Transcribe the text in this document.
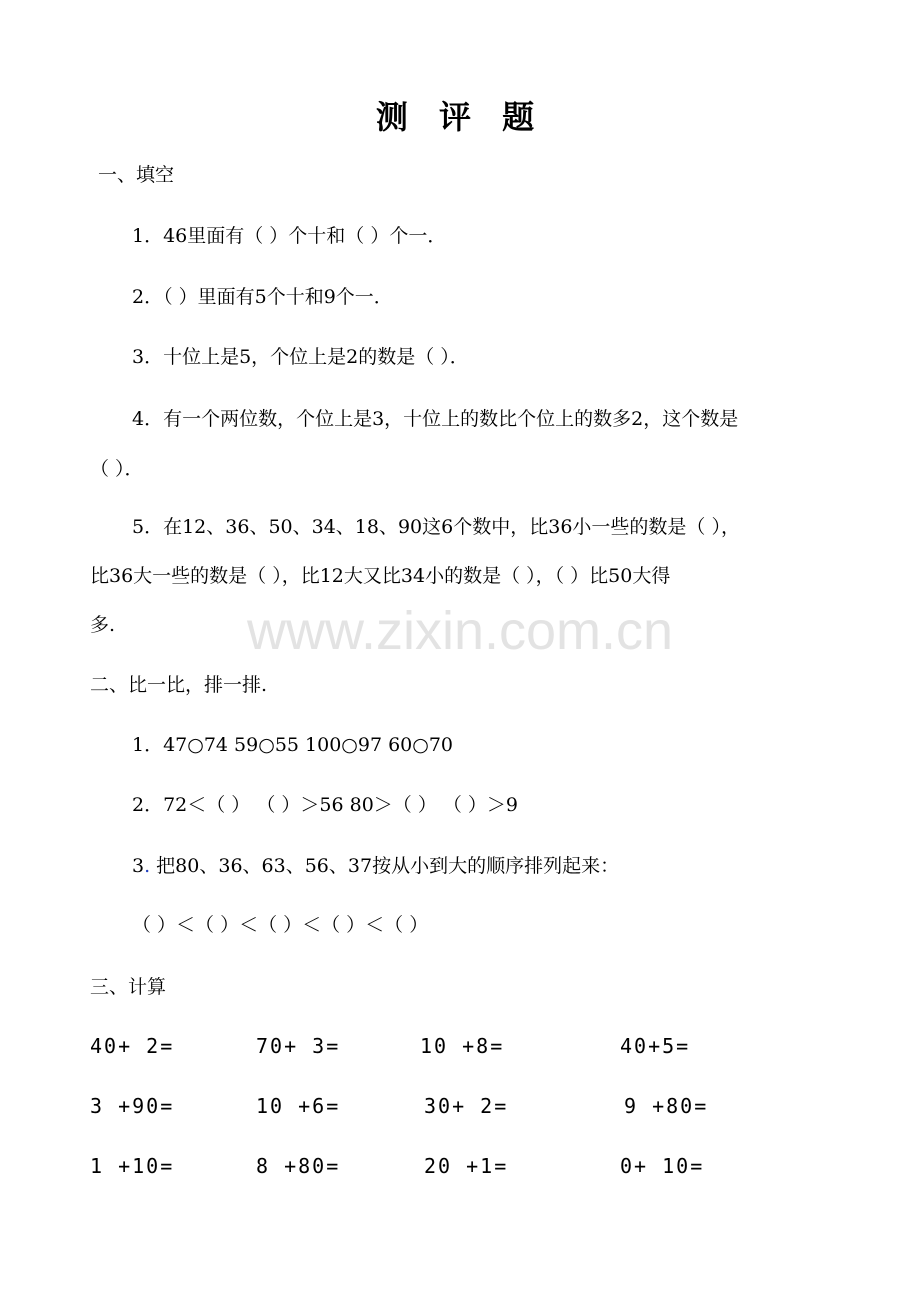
www.zixin.com.cn
测 评 题
一、填空
1．46里面有（ ）个十和（ ）个一．
2．（ ）里面有5个十和9个一．
3．十位上是5，个位上是2的数是（ ）．
4．有一个两位数，个位上是3，十位上的数比个位上的数多2，这个数是
（ ）．
5．在12、36、50、34、18、90这6个数中，比36小一些的数是（ ），
比36大一些的数是（ ），比12大又比34小的数是（ ），（ ）比50大得
多.
二、比一比，排一排.
1．47○74 59○55 100○97 60○70
2．72＜（ ） （ ）＞56 80＞（ ） （ ）＞9
3. 把80、36、63、56、37按从小到大的顺序排列起来：
（ ）＜（ ）＜（ ）＜（ ）＜（ ）
三、计算
40+ 2=	70+ 3=	10 +8=	40+5=
3 +90=	10 +6=	30+ 2=	9 +80=
1 +10=	8 +80=	20 +1=	0+ 10=
